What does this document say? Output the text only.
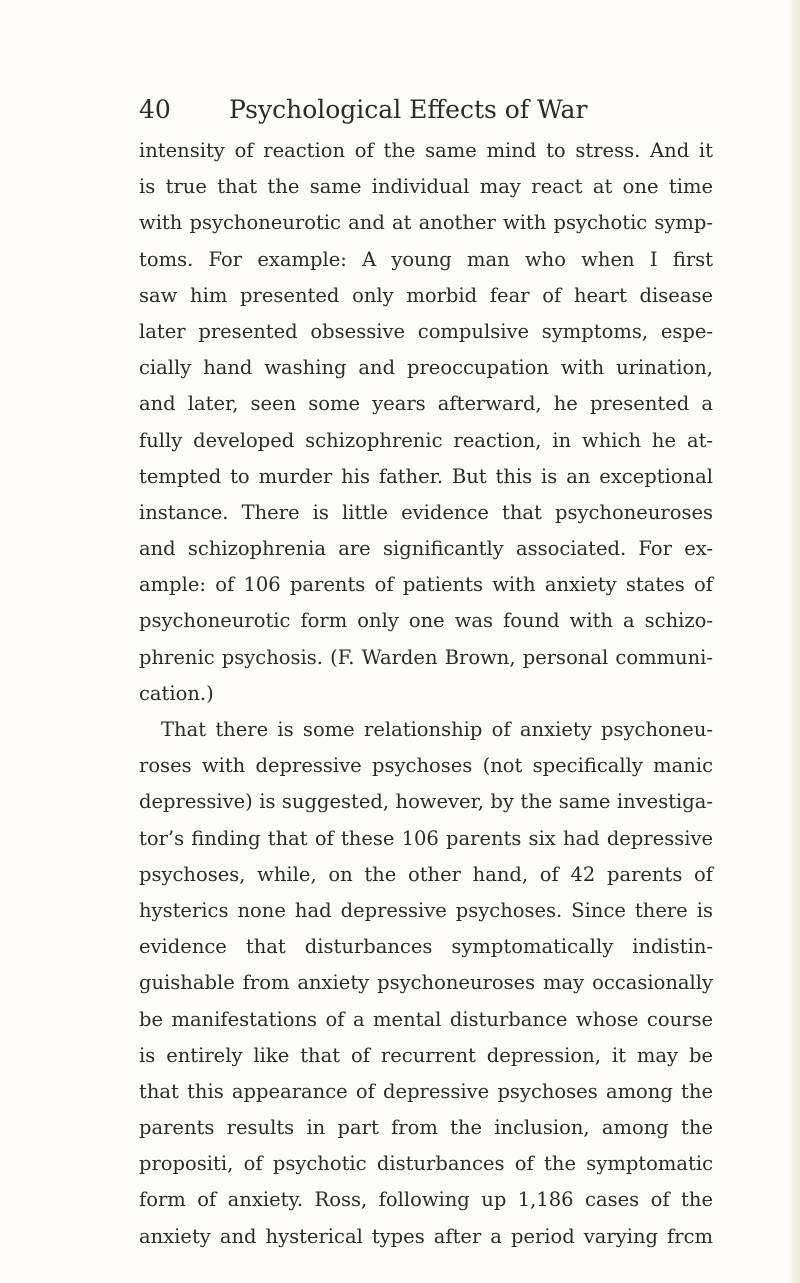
40 Psychological Effects of War
intensity of reaction of the same mind to stress. And it
is true that the same individual may react at one time
with psychoneurotic and at another with psychotic symp-
toms. For example: A young man who when I first
saw him presented only morbid fear of heart disease
later presented obsessive compulsive symptoms, espe-
cially hand washing and preoccupation with urination,
and later, seen some years afterward, he presented a
fully developed schizophrenic reaction, in which he at-
tempted to murder his father. But this is an exceptional
instance. There is little evidence that psychoneuroses
and schizophrenia are significantly associated. For ex-
ample: of 106 parents of patients with anxiety states of
psychoneurotic form only one was found with a schizo-
phrenic psychosis. (F. Warden Brown, personal communi-
cation.)
That there is some relationship of anxiety psychoneu-
roses with depressive psychoses (not specifically manic
depressive) is suggested, however, by the same investiga-
tor’s finding that of these 106 parents six had depressive
psychoses, while, on the other hand, of 42 parents of
hysterics none had depressive psychoses. Since there is
evidence that disturbances symptomatically indistin-
guishable from anxiety psychoneuroses may occasionally
be manifestations of a mental disturbance whose course
is entirely like that of recurrent depression, it may be
that this appearance of depressive psychoses among the
parents results in part from the inclusion, among the
propositi, of psychotic disturbances of the symptomatic
form of anxiety. Ross, following up 1,186 cases of the
anxiety and hysterical types after a period varying frcm
